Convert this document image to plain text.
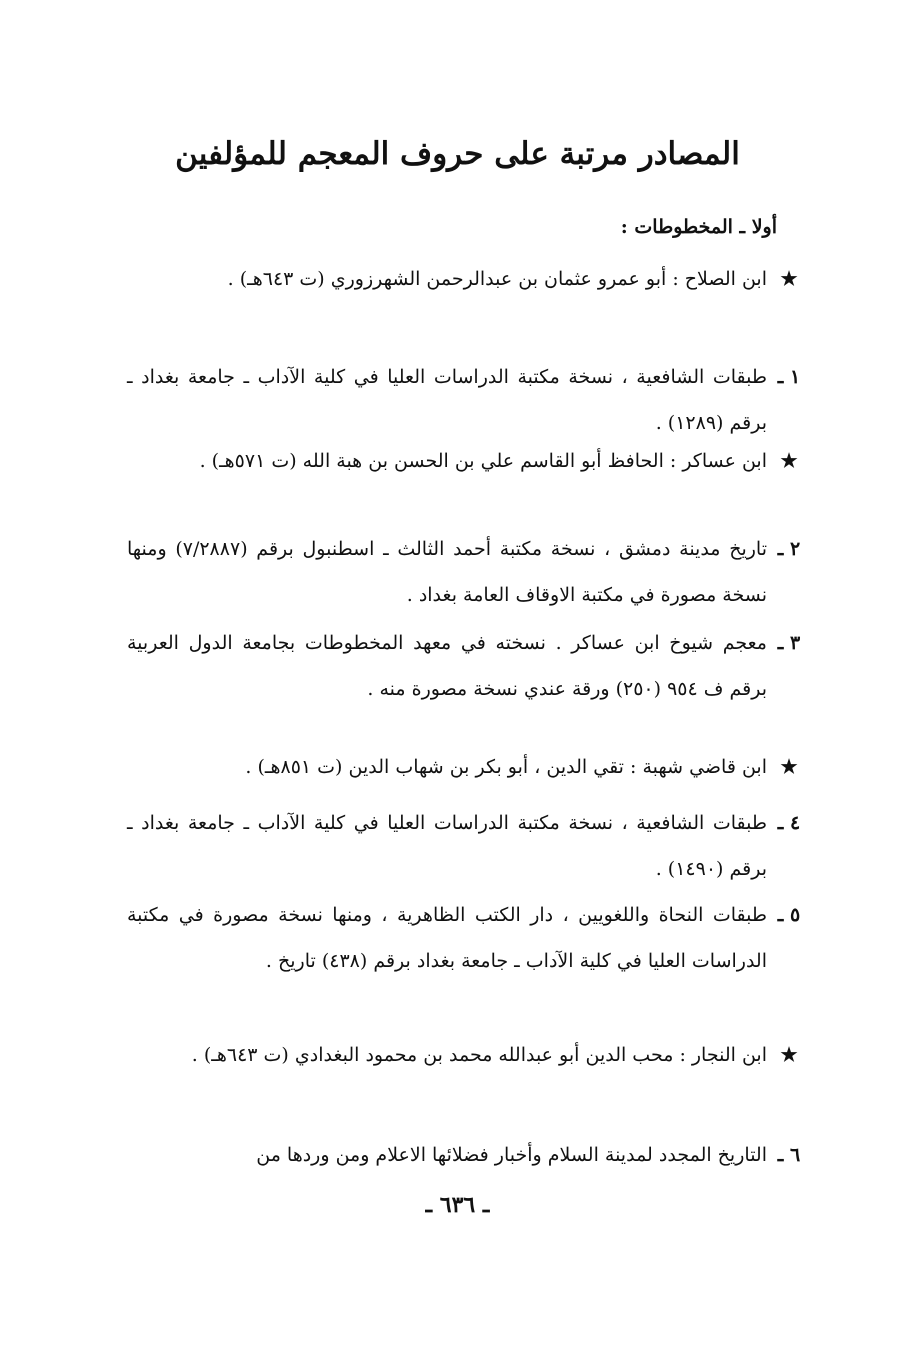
المصادر مرتبة على حروف المعجم للمؤلفين
أولا ـ المخطوطات :
★
ابن الصلاح : أبو عمرو عثمان بن عبدالرحمن الشهرزوري (ت ٦٤٣هـ) .
١ ـ
طبقات الشافعية ، نسخة مكتبة الدراسات العليا في كلية الآداب ـ جامعة بغداد ـ برقم (١٢٨٩) .
★
ابن عساكر : الحافظ أبو القاسم علي بن الحسن بن هبة الله (ت ٥٧١هـ) .
٢ ـ
تاريخ مدينة دمشق ، نسخة مكتبة أحمد الثالث ـ اسطنبول برقم (٧/٢٨٨٧) ومنها نسخة مصورة في مكتبة الاوقاف العامة بغداد .
٣ ـ
معجم شيوخ ابن عساكر . نسخته في معهد المخطوطات بجامعة الدول العربية برقم ف ٩٥٤ (٢٥٠) ورقة عندي نسخة مصورة منه .
★
ابن قاضي شهبة : تقي الدين ، أبو بكر بن شهاب الدين (ت ٨٥١هـ) .
٤ ـ
طبقات الشافعية ، نسخة مكتبة الدراسات العليا في كلية الآداب ـ جامعة بغداد ـ برقم (١٤٩٠) .
٥ ـ
طبقات النحاة واللغويين ، دار الكتب الظاهرية ، ومنها نسخة مصورة في مكتبة الدراسات العليا في كلية الآداب ـ جامعة بغداد برقم (٤٣٨) تاريخ .
★
ابن النجار : محب الدين أبو عبدالله محمد بن محمود البغدادي (ت ٦٤٣هـ) .
٦ ـ
التاريخ المجدد لمدينة السلام وأخبار فضلائها الاعلام ومن وردها من
ـ ٦٣٦ ـ
